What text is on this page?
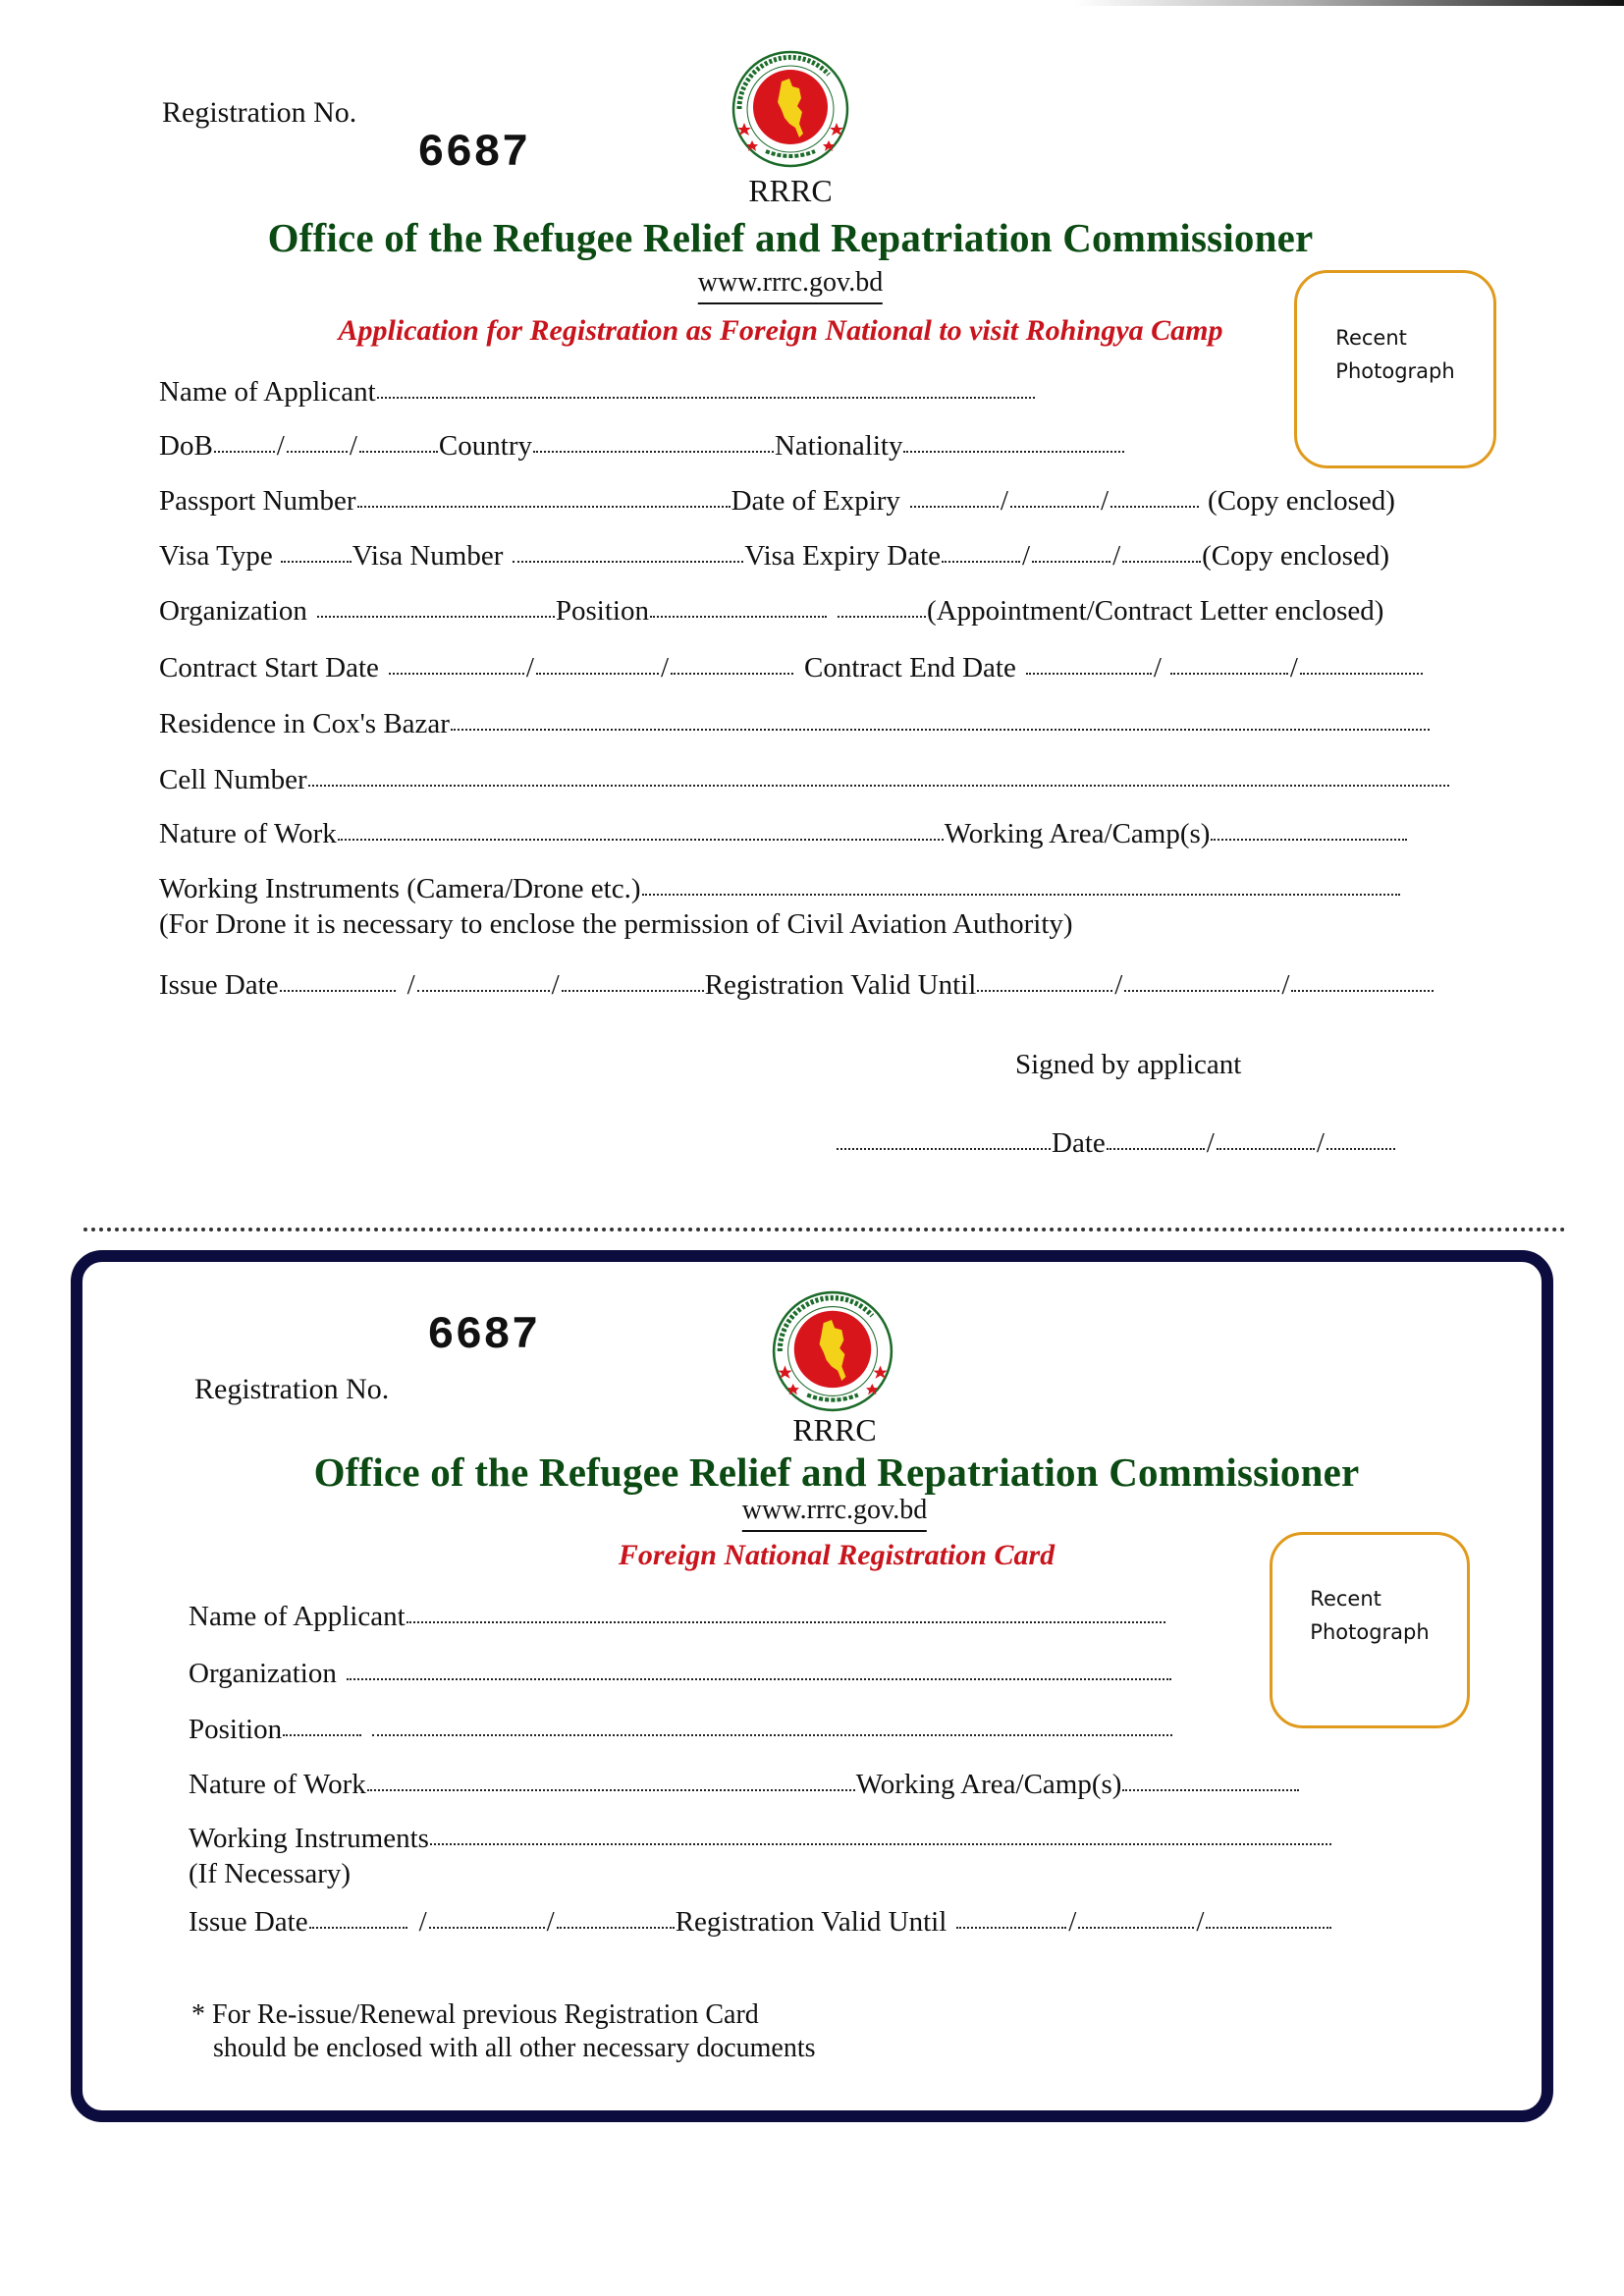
Registration No.
6687
RRRC
Office of the Refugee Relief and Repatriation Commissioner
www.rrrc.gov.bd
Application for Registration as Foreign National to visit Rohingya Camp	Recent
Photograph
Name of Applicant
DoB / /	Country	Nationality
Passport Number	Date of Expiry	/	/	(Copy enclosed)
Visa Type	Visa Number	Visa Expiry Date	/	/	(Copy enclosed)
Organization	Position	(Appointment/Contract Letter enclosed)
Contract Start Date	/	/	Contract End Date	/	/
Residence in Cox's Bazar
Cell Number
Nature of Work	Working Area/Camp(s)
Working Instruments (Camera/Drone etc.)
(For Drone it is necessary to enclose the permission of Civil Aviation Authority)
Issue Date	/	/	Registration Valid Until	/	/
Signed by applicant
Date	/	/
6687
Registration No.
RRRC
Office of the Refugee Relief and Repatriation Commissioner
www.rrrc.gov.bd
Foreign National Registration Card
Recent
Photograph
Name of Applicant
Organization
Position
Nature of Work	Working Area/Camp(s)
Working Instruments
(If Necessary)
Issue Date	/	/	Registration Valid Until	/	/
* For Re-issue/Renewal previous Registration Card
should be enclosed with all other necessary documents
